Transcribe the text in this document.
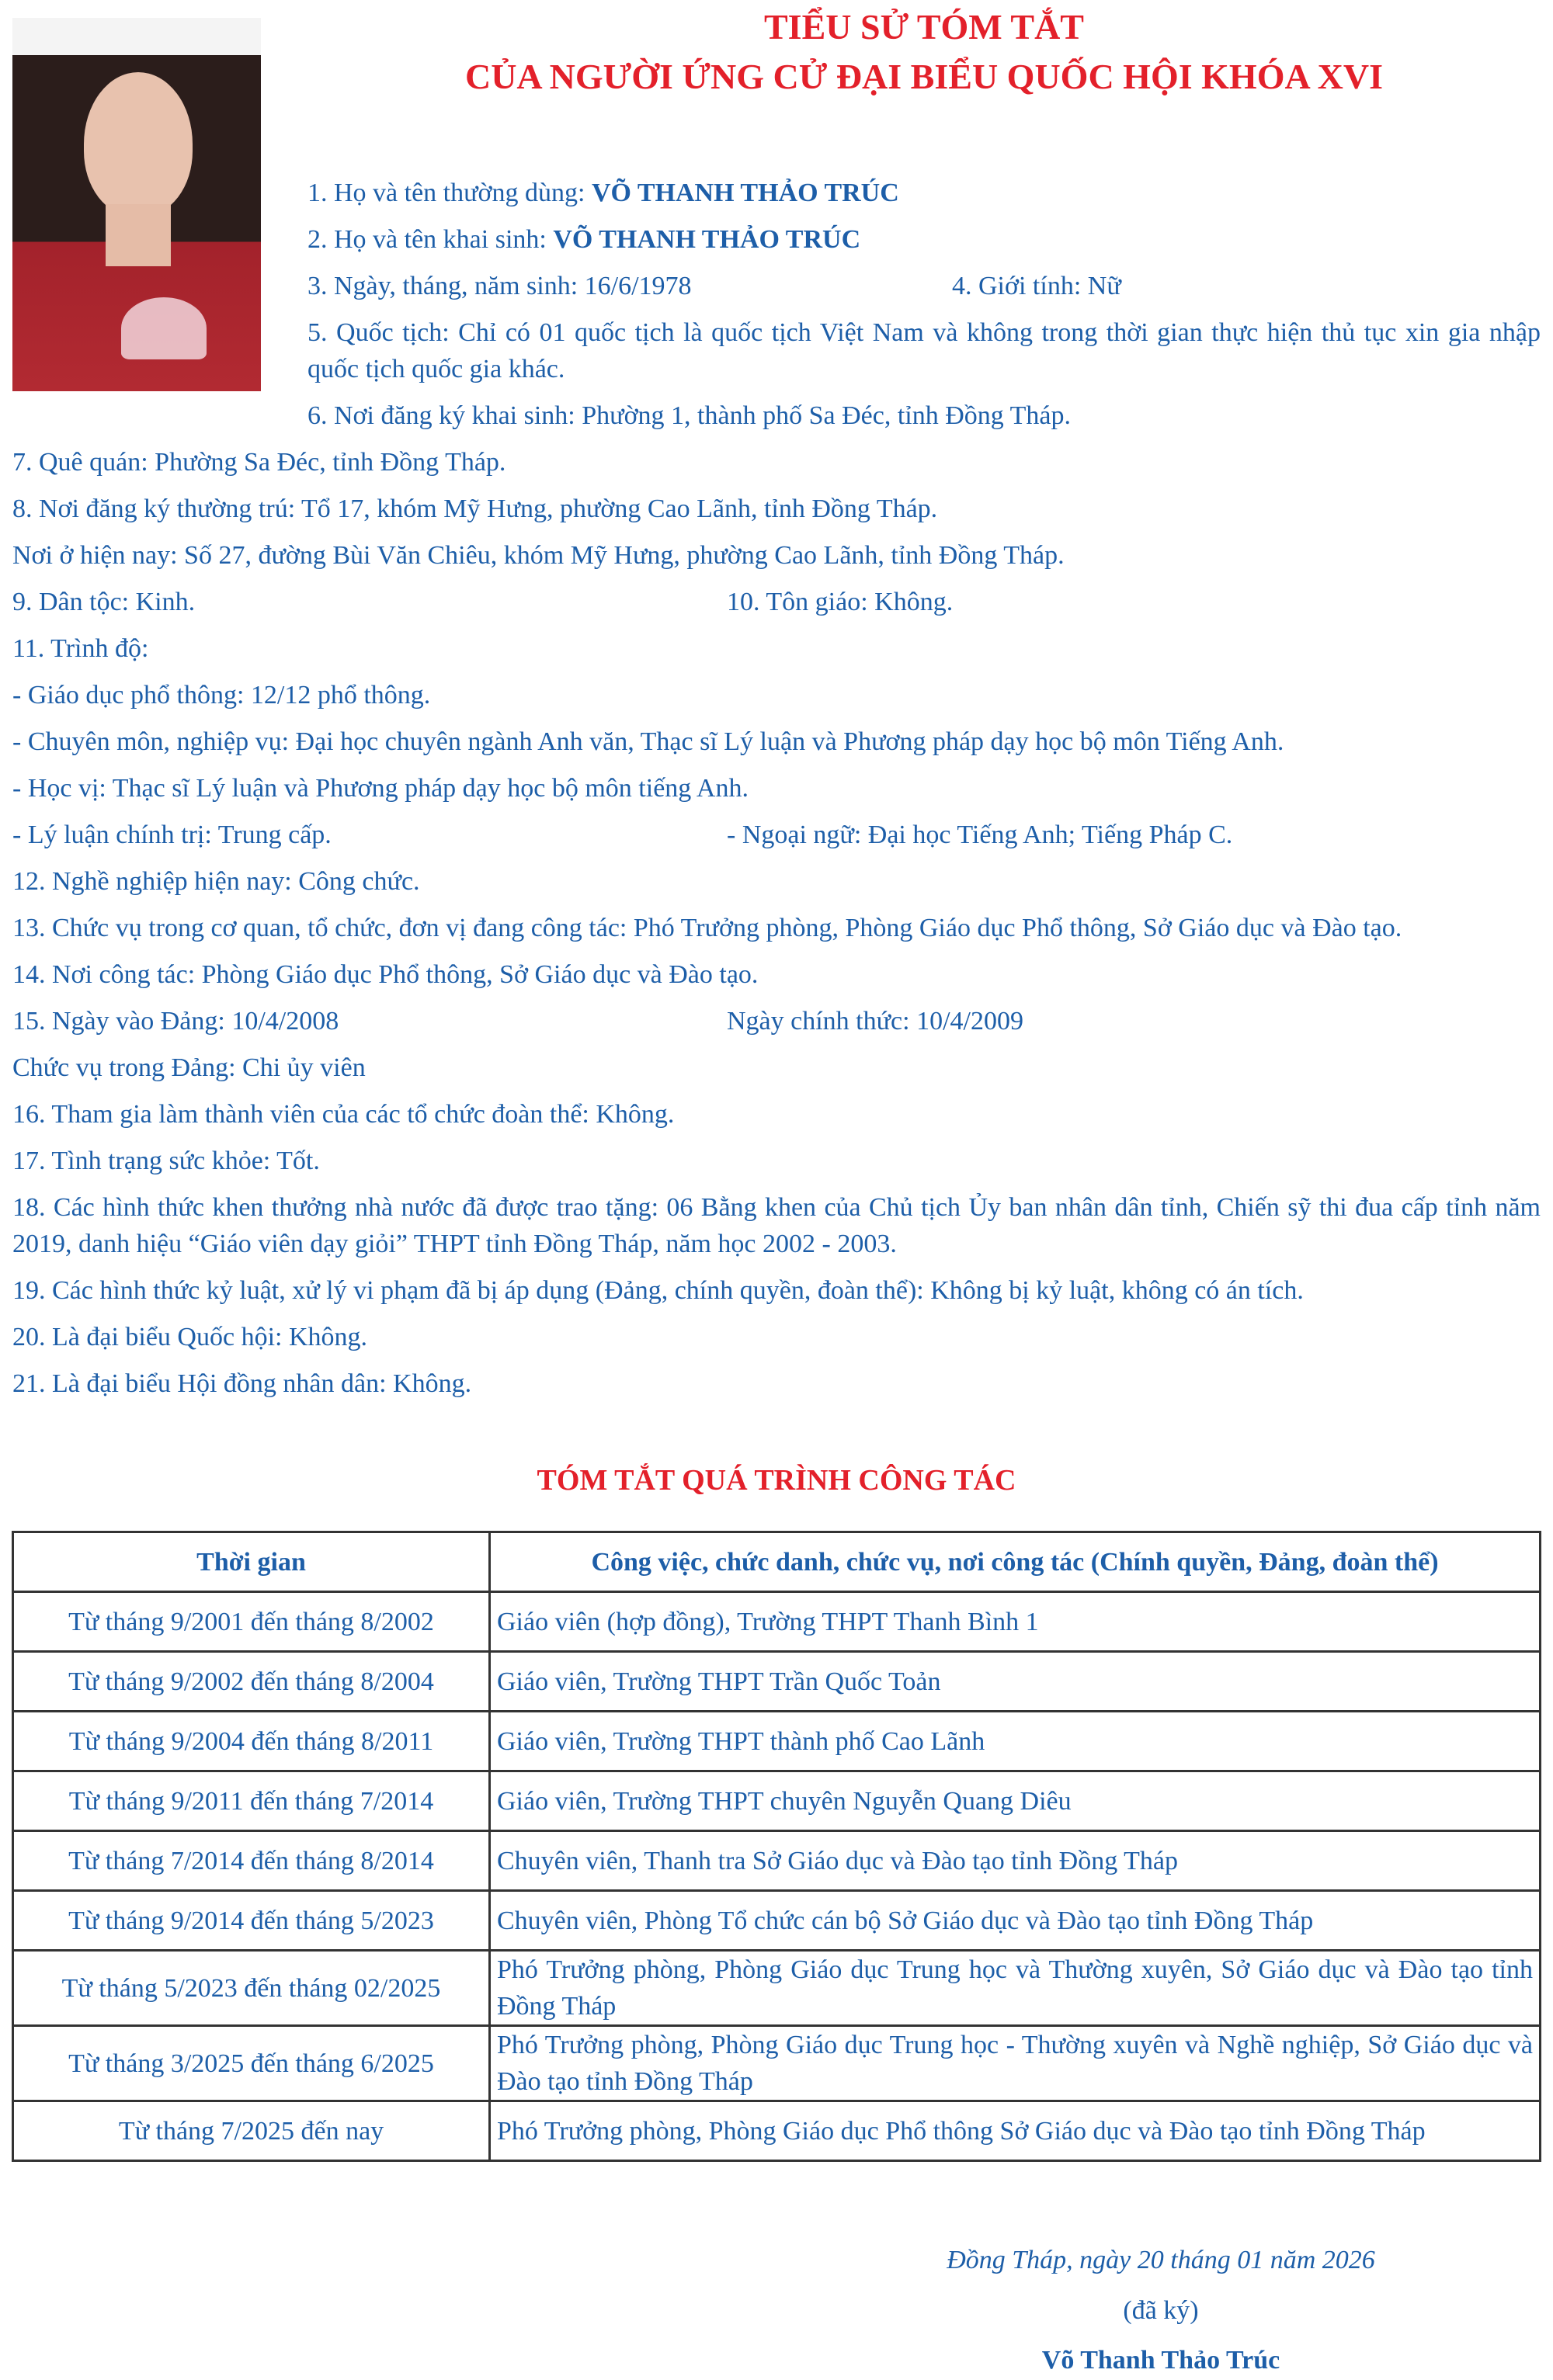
TIỂU SỬ TÓM TẮT
CỦA NGƯỜI ỨNG CỬ ĐẠI BIỂU QUỐC HỘI KHÓA XVI
1. Họ và tên thường dùng: VÕ THANH THẢO TRÚC
2. Họ và tên khai sinh: VÕ THANH THẢO TRÚC
3. Ngày, tháng, năm sinh: 16/6/1978	4. Giới tính: Nữ
5. Quốc tịch: Chỉ có 01 quốc tịch là quốc tịch Việt Nam và không trong thời gian thực hiện thủ tục xin gia nhập quốc tịch quốc gia khác.
6. Nơi đăng ký khai sinh: Phường 1, thành phố Sa Đéc, tỉnh Đồng Tháp.
7. Quê quán: Phường Sa Đéc, tỉnh Đồng Tháp.
8. Nơi đăng ký thường trú: Tổ 17, khóm Mỹ Hưng, phường Cao Lãnh, tỉnh Đồng Tháp.
Nơi ở hiện nay: Số 27, đường Bùi Văn Chiêu, khóm Mỹ Hưng, phường Cao Lãnh, tỉnh Đồng Tháp.
9. Dân tộc: Kinh.	10. Tôn giáo: Không.
11. Trình độ:
- Giáo dục phổ thông: 12/12 phổ thông.
- Chuyên môn, nghiệp vụ: Đại học chuyên ngành Anh văn, Thạc sĩ Lý luận và Phương pháp dạy học bộ môn Tiếng Anh.
- Học vị: Thạc sĩ Lý luận và Phương pháp dạy học bộ môn tiếng Anh.
- Lý luận chính trị: Trung cấp.	- Ngoại ngữ: Đại học Tiếng Anh; Tiếng Pháp C.
12. Nghề nghiệp hiện nay: Công chức.
13. Chức vụ trong cơ quan, tổ chức, đơn vị đang công tác: Phó Trưởng phòng, Phòng Giáo dục Phổ thông, Sở Giáo dục và Đào tạo.
14. Nơi công tác: Phòng Giáo dục Phổ thông, Sở Giáo dục và Đào tạo.
15. Ngày vào Đảng: 10/4/2008	Ngày chính thức: 10/4/2009
Chức vụ trong Đảng: Chi ủy viên
16. Tham gia làm thành viên của các tổ chức đoàn thể: Không.
17. Tình trạng sức khỏe: Tốt.
18. Các hình thức khen thưởng nhà nước đã được trao tặng: 06 Bằng khen của Chủ tịch Ủy ban nhân dân tỉnh, Chiến sỹ thi đua cấp tỉnh năm 2019, danh hiệu “Giáo viên dạy giỏi” THPT tỉnh Đồng Tháp, năm học 2002 - 2003.
19. Các hình thức kỷ luật, xử lý vi phạm đã bị áp dụng (Đảng, chính quyền, đoàn thể): Không bị kỷ luật, không có án tích.
20. Là đại biểu Quốc hội: Không.
21. Là đại biểu Hội đồng nhân dân: Không.
TÓM TẮT QUÁ TRÌNH CÔNG TÁC
Thời gian	Công việc, chức danh, chức vụ, nơi công tác (Chính quyền, Đảng, đoàn thể)
Từ tháng 9/2001 đến tháng 8/2002	Giáo viên (hợp đồng), Trường THPT Thanh Bình 1
Từ tháng 9/2002 đến tháng 8/2004	Giáo viên, Trường THPT Trần Quốc Toản
Từ tháng 9/2004 đến tháng 8/2011	Giáo viên, Trường THPT thành phố Cao Lãnh
Từ tháng 9/2011 đến tháng 7/2014	Giáo viên, Trường THPT chuyên Nguyễn Quang Diêu
Từ tháng 7/2014 đến tháng 8/2014	Chuyên viên, Thanh tra Sở Giáo dục và Đào tạo tỉnh Đồng Tháp
Từ tháng 9/2014 đến tháng 5/2023	Chuyên viên, Phòng Tổ chức cán bộ Sở Giáo dục và Đào tạo tỉnh Đồng Tháp
Từ tháng 5/2023 đến tháng 02/2025	Phó Trưởng phòng, Phòng Giáo dục Trung học và Thường xuyên, Sở Giáo dục và Đào tạo tỉnh Đồng Tháp
Từ tháng 3/2025 đến tháng 6/2025	Phó Trưởng phòng, Phòng Giáo dục Trung học - Thường xuyên và Nghề nghiệp, Sở Giáo dục và Đào tạo tỉnh Đồng Tháp
Từ tháng 7/2025 đến nay	Phó Trưởng phòng, Phòng Giáo dục Phổ thông Sở Giáo dục và Đào tạo tỉnh Đồng Tháp
Đồng Tháp, ngày 20 tháng 01 năm 2026
(đã ký)
Võ Thanh Thảo Trúc
